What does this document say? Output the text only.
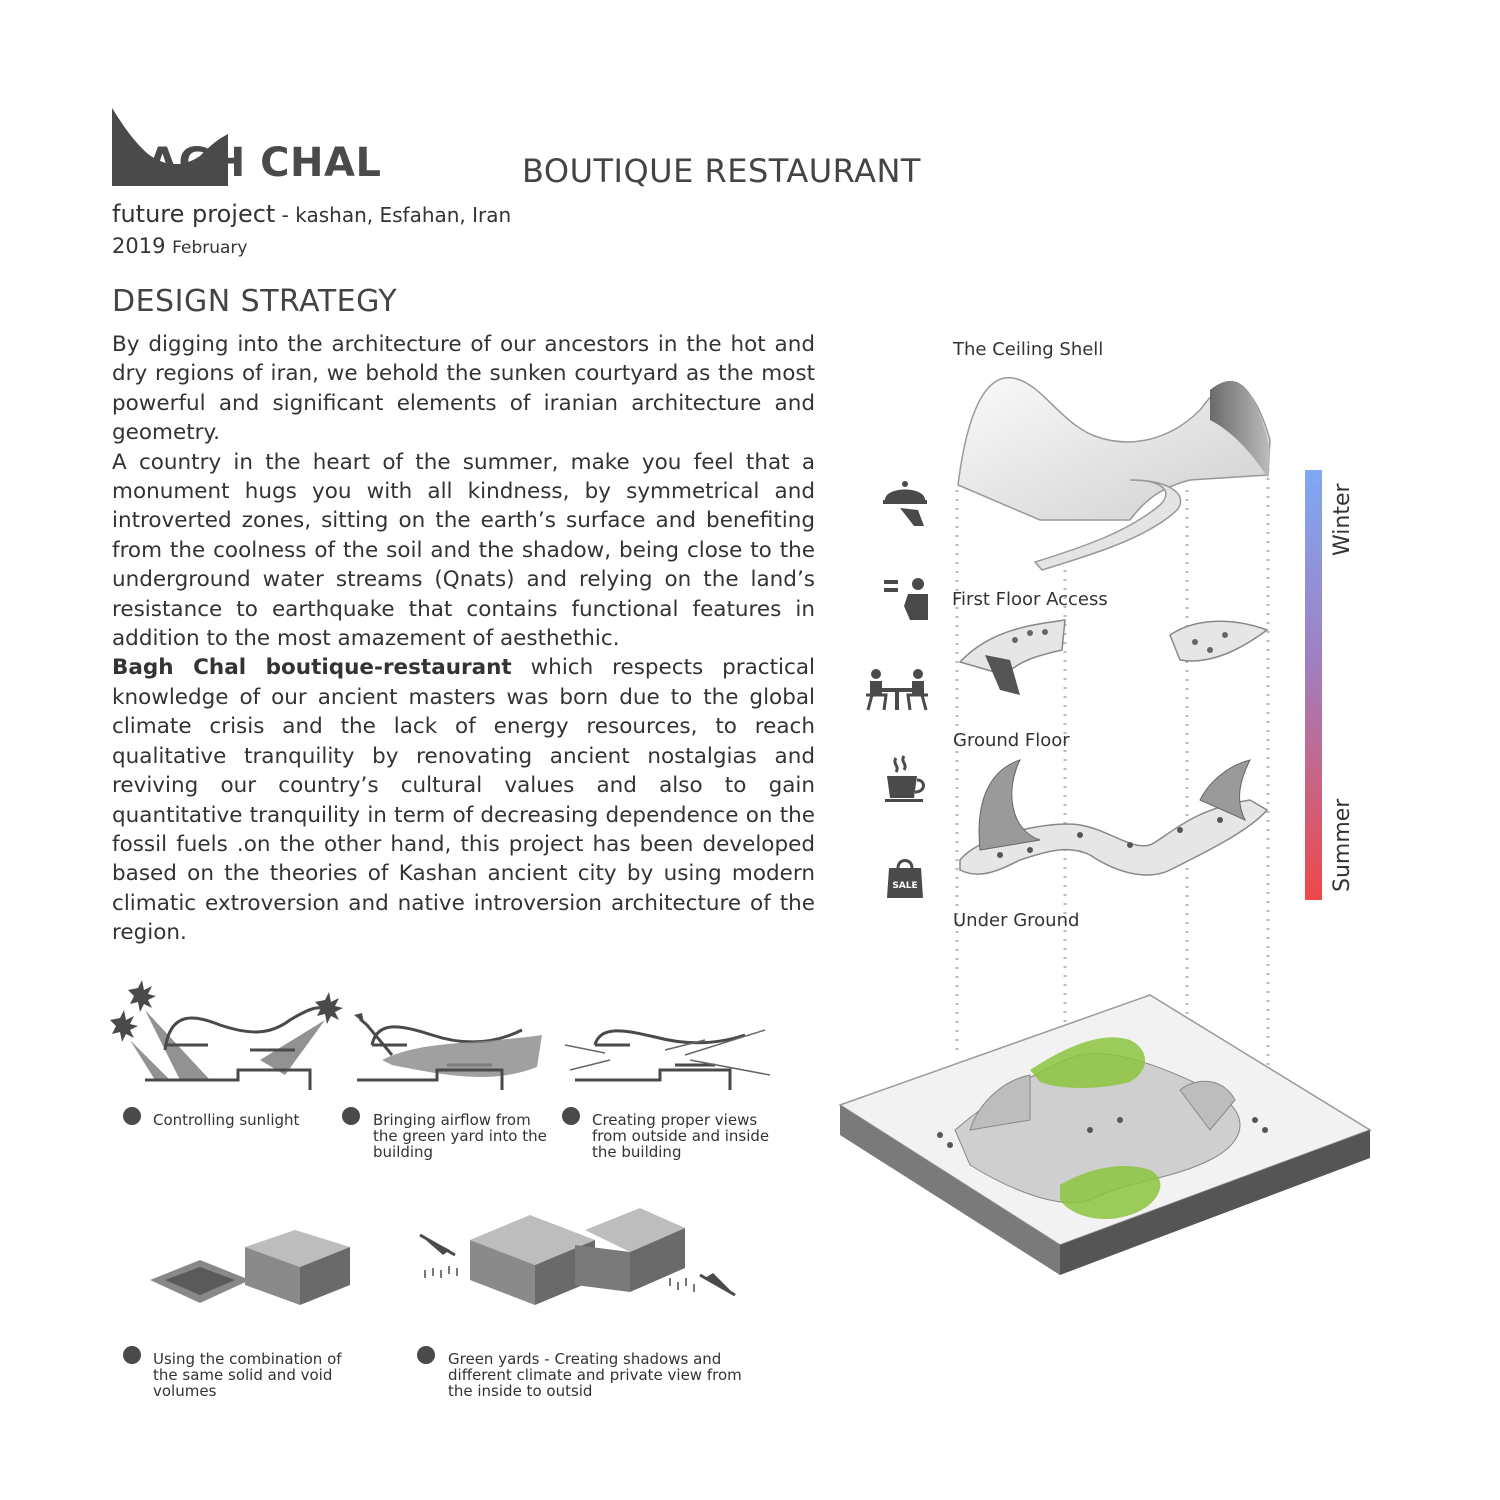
BAGH CHAL	BOUTIQUE RESTAURANT
future project - kashan, Esfahan, Iran
2019 February
DESIGN STRATEGY

By digging into the architecture of our ancestors in the hot and dry regions of iran, we behold the sunken courtyard as the most powerful and significant elements of iranian architecture and geometry.

A country in the heart of the summer, make you feel that a monument hugs you with all kindness, by symmetrical and introverted zones, sitting on the earth’s surface and benefiting from the coolness of the soil and the shadow, being close to the underground water streams (Qnats) and relying on the land’s resistance to earthquake that contains functional features in addition to the most amazement of aesthethic.

Bagh Chal boutique-restaurant which respects practical knowledge of our ancient masters was born due to the global climate crisis and the lack of energy resources, to reach qualitative tranquility by renovating ancient nostalgias and reviving our country’s cultural values and also to gain quantitative tranquility in term of decreasing dependence on the fossil fuels .on the other hand, this project has been developed based on the theories of Kashan ancient city by using modern climatic extroversion and native introversion architecture of the region.

The Ceiling Shell
First Floor Access
Ground Floor
Under Ground
SALE
Winter
Summer
Controlling sunlight	Bringing airflow from the green yard into the building
Creating proper views from outside and inside the building
Using the combination of the same solid and void volumes
Green yards - Creating shadows and different climate and private view from the inside to outsid
